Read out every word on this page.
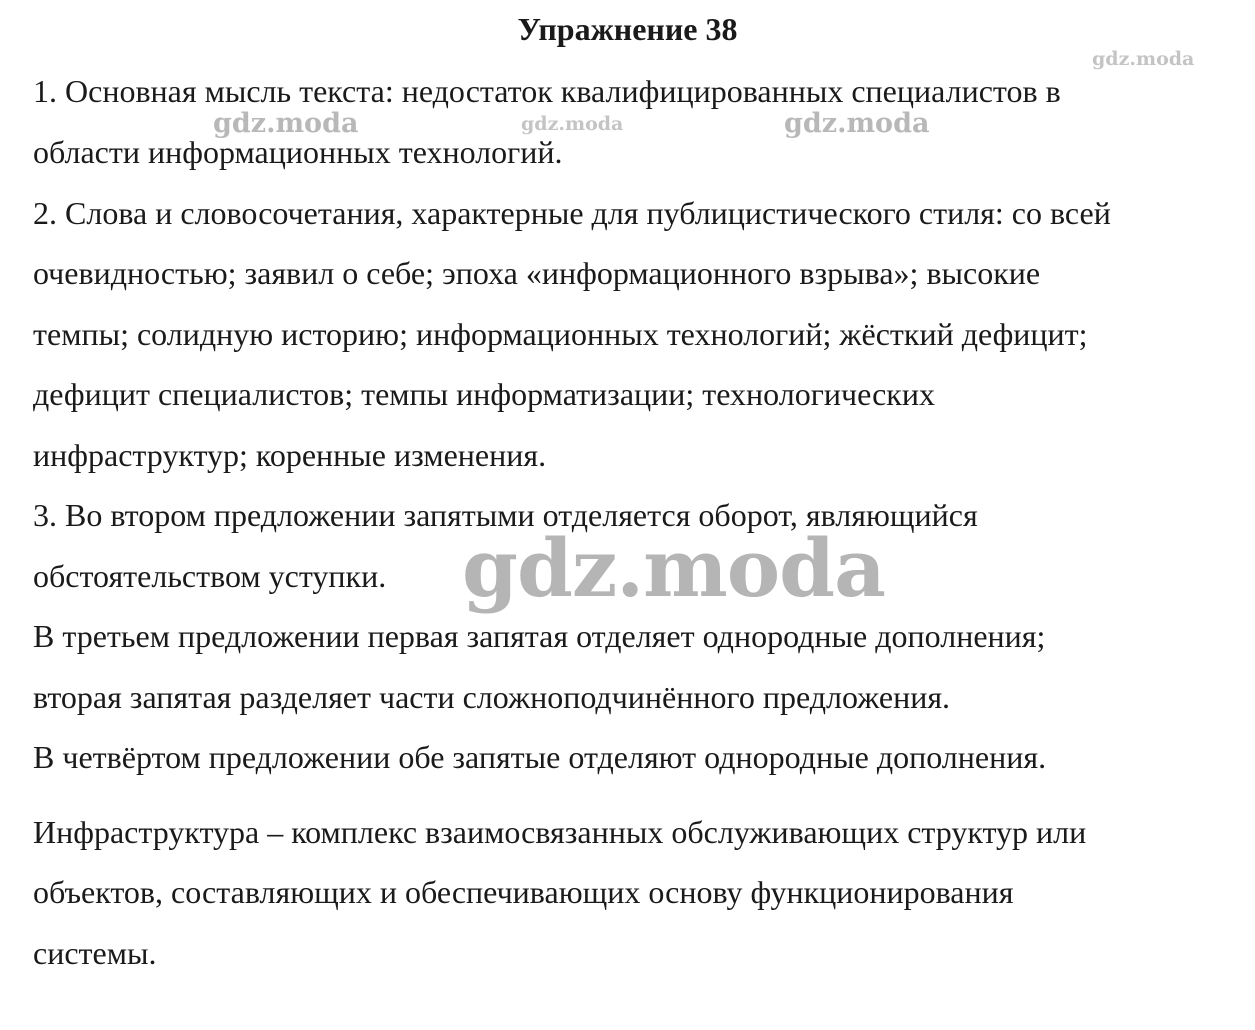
Упражнение 38
1. Основная мысль текста: недостаток квалифицированных специалистов в
области информационных технологий.
2. Слова и словосочетания, характерные для публицистического стиля: со всей
очевидностью; заявил о себе; эпоха «информационного взрыва»; высокие
темпы; солидную историю; информационных технологий; жёсткий дефицит;
дефицит специалистов; темпы информатизации; технологических
инфраструктур; коренные изменения.
3. Во втором предложении запятыми отделяется оборот, являющийся
обстоятельством уступки.
В третьем предложении первая запятая отделяет однородные дополнения;
вторая запятая разделяет части сложноподчинённого предложения.
В четвёртом предложении обе запятые отделяют однородные дополнения.
Инфраструктура – комплекс взаимосвязанных обслуживающих структур или
объектов, составляющих и обеспечивающих основу функционирования
системы.
gdz.moda
gdz.moda	gdz.moda	gdz.moda
gdz.moda
